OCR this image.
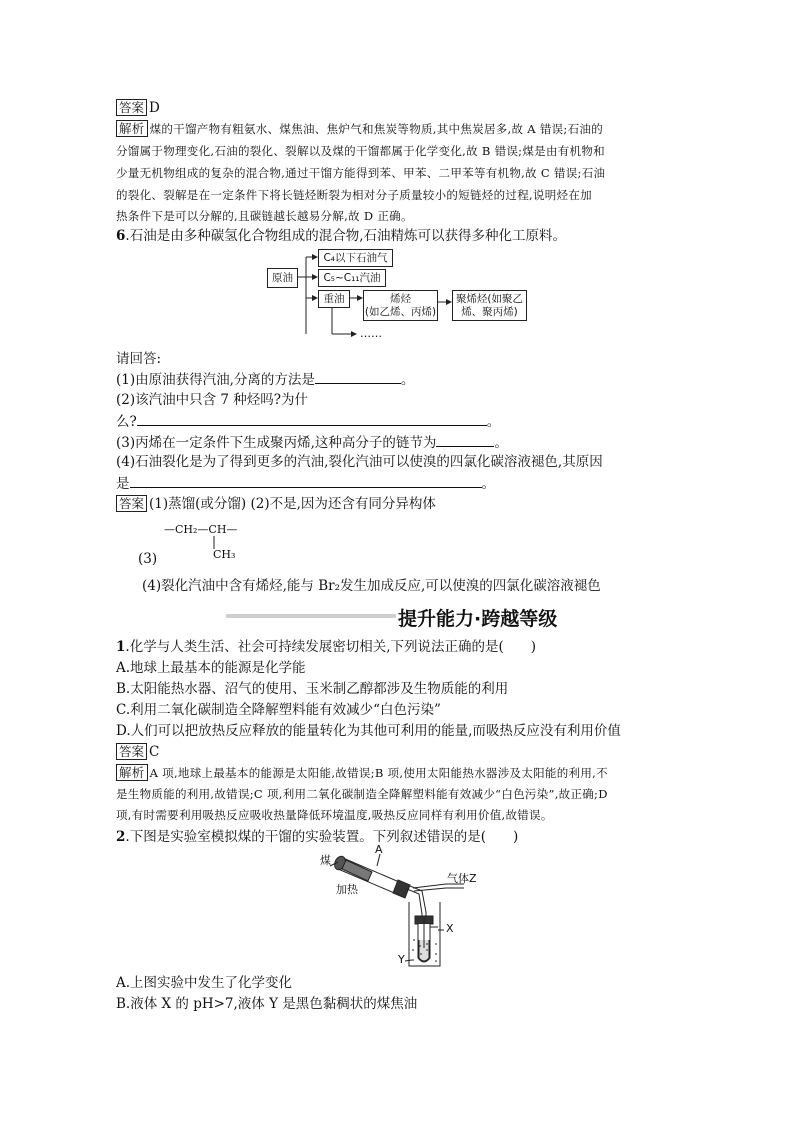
答案 D
解析 煤的干馏产物有粗氨水、煤焦油、焦炉气和焦炭等物质,其中焦炭居多,故 A 错误;石油的
分馏属于物理变化,石油的裂化、裂解以及煤的干馏都属于化学变化,故 B 错误;煤是由有机物和
少量无机物组成的复杂的混合物,通过干馏方能得到苯、甲苯、二甲苯等有机物,故 C 错误;石油
的裂化、裂解是在一定条件下将长链烃断裂为相对分子质量较小的短链烃的过程,说明烃在加
热条件下是可以分解的,且碳链越长越易分解,故 D 正确。
6.石油是由多种碳氢化合物组成的混合物,石油精炼可以获得多种化工原料。
原油
C₄以下石油气
C₅~C₁₁汽油
重油	烯烃
(如乙烯、丙烯)
聚烯烃(如聚乙
烯、聚丙烯)
……
请回答:
(1)由原油获得汽油,分离的方法是	。
(2)该汽油中只含 7 种烃吗?为什
么?	。
(3)丙烯在一定条件下生成聚丙烯,这种高分子的链节为	。
(4)石油裂化是为了得到更多的汽油,裂化汽油可以使溴的四氯化碳溶液褪色,其原因
是	。
答案 (1)蒸馏(或分馏) (2)不是,因为还含有同分异构体
—CH₂—CH—
CH₃
(3)
(4)裂化汽油中含有烯烃,能与 Br₂发生加成反应,可以使溴的四氯化碳溶液褪色
提升能力·跨越等级
1.化学与人类生活、社会可持续发展密切相关,下列说法正确的是(　　)
A.地球上最基本的能源是化学能
B.太阳能热水器、沼气的使用、玉米制乙醇都涉及生物质能的利用
C.利用二氧化碳制造全降解塑料能有效减少“白色污染”
D.人们可以把放热反应释放的能量转化为其他可利用的能量,而吸热反应没有利用价值
答案 C
解析 A 项,地球上最基本的能源是太阳能,故错误;B 项,使用太阳能热水器涉及太阳能的利用,不
是生物质能的利用,故错误;C 项,利用二氧化碳制造全降解塑料能有效减少“白色污染”,故正确;D
项,有时需要利用吸热反应吸收热量降低环境温度,吸热反应同样有利用价值,故错误。
2.下图是实验室模拟煤的干馏的实验装置。下列叙述错误的是(　　)
煤
加热
A
气体Z
X
Y
A.上图实验中发生了化学变化
B.液体 X 的 pH>7,液体 Y 是黑色黏稠状的煤焦油
